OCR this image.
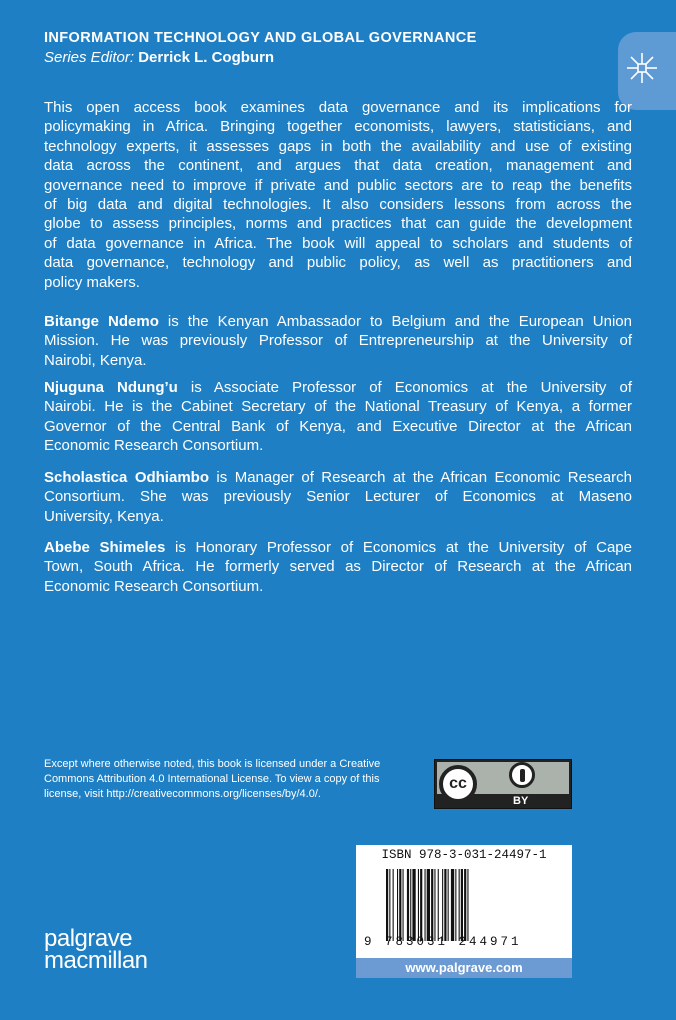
INFORMATION TECHNOLOGY AND GLOBAL GOVERNANCE
Series Editor: Derrick L. Cogburn
This open access book examines data governance and its implications for
policymaking in Africa. Bringing together economists, lawyers, statisticians, and
technology experts, it assesses gaps in both the availability and use of existing
data across the continent, and argues that data creation, management and
governance need to improve if private and public sectors are to reap the benefits
of big data and digital technologies. It also considers lessons from across the
globe to assess principles, norms and practices that can guide the development
of data governance in Africa. The book will appeal to scholars and students of
data governance, technology and public policy, as well as practitioners and
policy makers.
Bitange Ndemo is the Kenyan Ambassador to Belgium and the European Union
Mission. He was previously Professor of Entrepreneurship at the University of
Nairobi, Kenya.
Njuguna Ndung’u is Associate Professor of Economics at the University of
Nairobi. He is the Cabinet Secretary of the National Treasury of Kenya, a former
Governor of the Central Bank of Kenya, and Executive Director at the African
Economic Research Consortium.
Scholastica Odhiambo is Manager of Research at the African Economic Research
Consortium. She was previously Senior Lecturer of Economics at Maseno
University, Kenya.
Abebe Shimeles is Honorary Professor of Economics at the University of Cape
Town, South Africa. He formerly served as Director of Research at the African
Economic Research Consortium.
Except where otherwise noted, this book is licensed under a Creative
Commons Attribution 4.0 International License. To view a copy of this
license, visit http://creativecommons.org/licenses/by/4.0/.
cc
BY
ISBN 978-3-031-24497-1
9 783031 244971
www.palgrave.com
palgrave
macmillan
